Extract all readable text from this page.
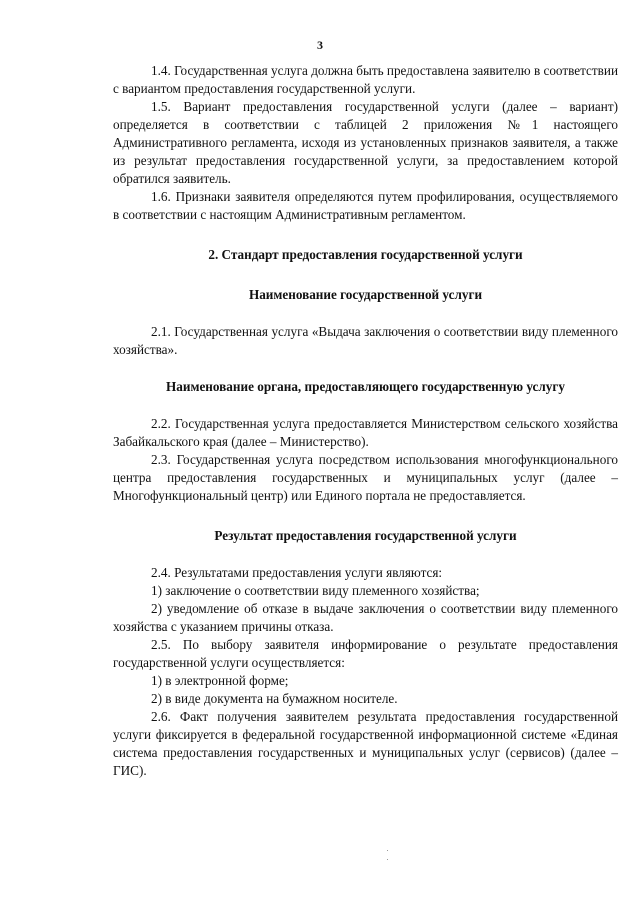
3

1.4. Государственная услуга должна быть предоставлена заявителю в соответствии с вариантом предоставления государственной услуги.

1.5. Вариант предоставления государственной услуги (далее – вариант) определяется в соответствии с таблицей 2 приложения №1 настоящего Административного регламента, исходя из установленных признаков заявителя, а также из результат предоставления государственной услуги, за предоставлением которой обратился заявитель.

1.6. Признаки заявителя определяются путем профилирования, осуществляемого в соответствии с настоящим Административным регламентом.

2. Стандарт предоставления государственной услуги
Наименование государственной услуги

2.1. Государственная услуга «Выдача заключения о соответствии виду племенного хозяйства».

Наименование органа, предоставляющего государственную услугу

2.2. Государственная услуга предоставляется Министерством сельского хозяйства Забайкальского края (далее – Министерство).

2.3. Государственная услуга посредством использования многофункционального центра предоставления государственных и муниципальных услуг (далее – Многофункциональный центр) или Единого портала не предоставляется.

Результат предоставления государственной услуги

2.4. Результатами предоставления услуги являются:

1) заключение о соответствии виду племенного хозяйства;

2) уведомление об отказе в выдаче заключения о соответствии виду племенного хозяйства с указанием причины отказа.

2.5. По выбору заявителя информирование о результате предоставления государственной услуги осуществляется:

1) в электронной форме;

2) в виде документа на бумажном носителе.

2.6. Факт получения заявителем результата предоставления государственной услуги фиксируется в федеральной государственной информационной системе «Единая система предоставления государственных и муниципальных услуг (сервисов) (далее – ГИС).
